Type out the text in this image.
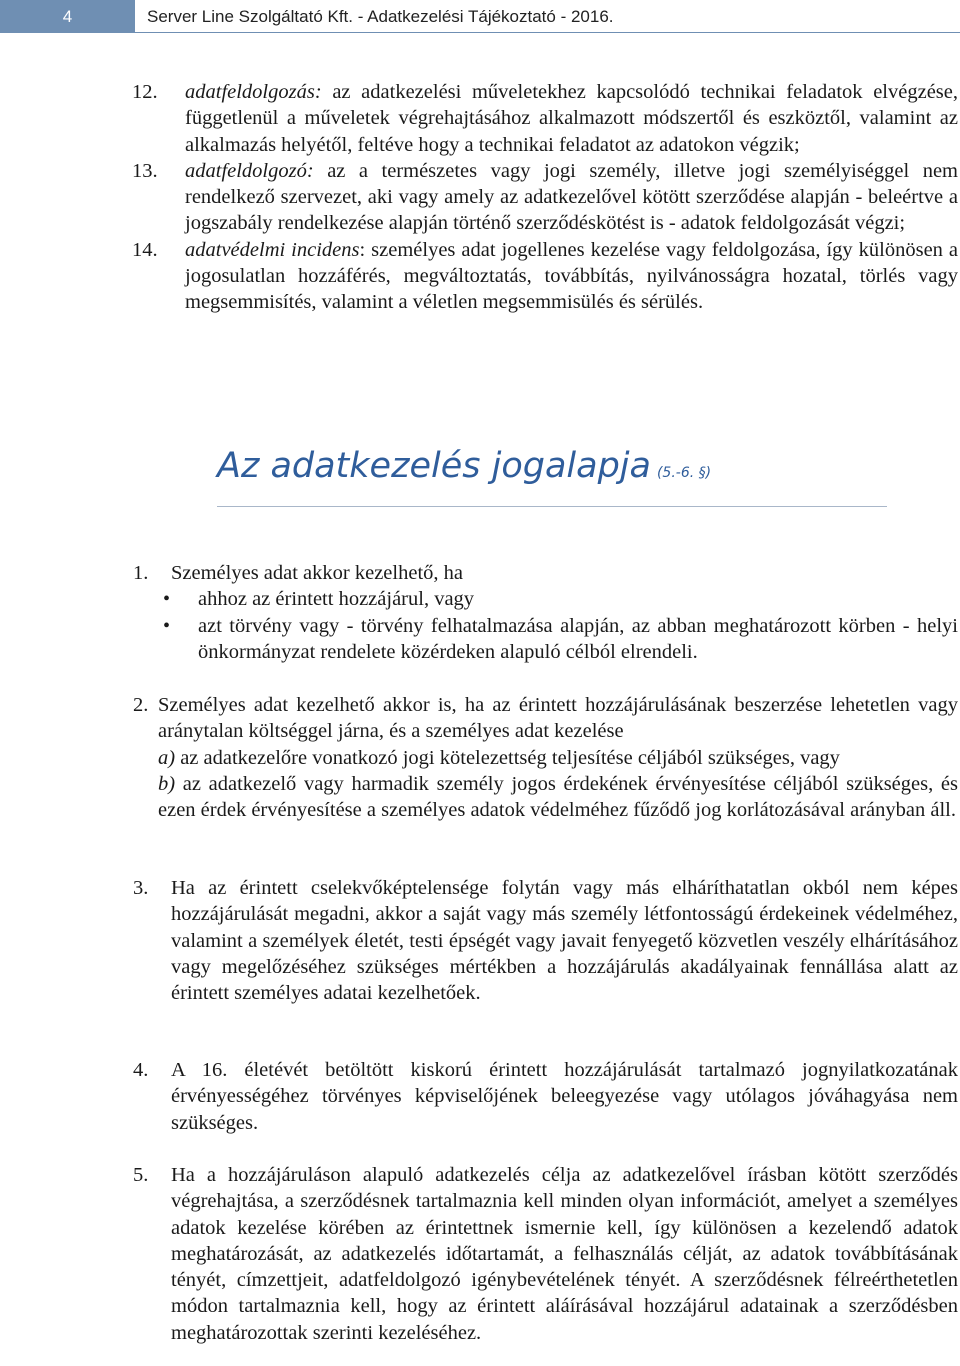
4	Server Line Szolgáltató Kft. - Adatkezelési Tájékoztató - 2016.
12.	adatfeldolgozás: az adatkezelési műveletekhez kapcsolódó technikai feladatok elvégzése, függetlenül a műveletek végrehajtásához alkalmazott módszertől és eszköztől, valamint az alkalmazás helyétől, feltéve hogy a technikai feladatot az adatokon végzik;
13.	adatfeldolgozó: az a természetes vagy jogi személy, illetve jogi személyiséggel nem rendelkező szervezet, aki vagy amely az adatkezelővel kötött szerződése alapján - beleértve a jogszabály rendelkezése alapján történő szerződéskötést is - adatok feldolgozását végzi;
14.	adatvédelmi incidens: személyes adat jogellenes kezelése vagy feldolgozása, így különösen a jogosulatlan hozzáférés, megváltoztatás, továbbítás, nyilvánosságra hozatal, törlés vagy megsemmisítés, valamint a véletlen megsemmisülés és sérülés.
Az adatkezelés jogalapja (5.-6. §)
1.	Személyes adat akkor kezelhető, ha
•	ahhoz az érintett hozzájárul, vagy
•	azt törvény vagy - törvény felhatalmazása alapján, az abban meghatározott körben - helyi önkormányzat rendelete közérdeken alapuló célból elrendeli.
2. Személyes adat kezelhető akkor is, ha az érintett hozzájárulásának beszerzése lehetetlen vagy aránytalan költséggel járna, és a személyes adat kezelése
a) az adatkezelőre vonatkozó jogi kötelezettség teljesítése céljából szükséges, vagy
b) az adatkezelő vagy harmadik személy jogos érdekének érvényesítése céljából szükséges, és ezen érdek érvényesítése a személyes adatok védelméhez fűződő jog korlátozásával arányban áll.
3.	Ha az érintett cselekvőképtelensége folytán vagy más elháríthatatlan okból nem képes hozzájárulását megadni, akkor a saját vagy más személy létfontosságú érdekeinek védelméhez, valamint a személyek életét, testi épségét vagy javait fenyegető közvetlen veszély elhárításához vagy megelőzéséhez szükséges mértékben a hozzájárulás akadályainak fennállása alatt az érintett személyes adatai kezelhetőek.
4.	A 16. életévét betöltött kiskorú érintett hozzájárulását tartalmazó jognyilatkozatának érvényességéhez törvényes képviselőjének beleegyezése vagy utólagos jóváhagyása nem szükséges.
5.	Ha a hozzájáruláson alapuló adatkezelés célja az adatkezelővel írásban kötött szerződés végrehajtása, a szerződésnek tartalmaznia kell minden olyan információt, amelyet a személyes adatok kezelése körében az érintettnek ismernie kell, így különösen a kezelendő adatok meghatározását, az adatkezelés időtartamát, a felhasználás célját, az adatok továbbításának tényét, címzettjeit, adatfeldolgozó igénybevételének tényét. A szerződésnek félreérthetetlen módon tartalmaznia kell, hogy az érintett aláírásával hozzájárul adatainak a szerződésben meghatározottak szerinti kezeléséhez.
